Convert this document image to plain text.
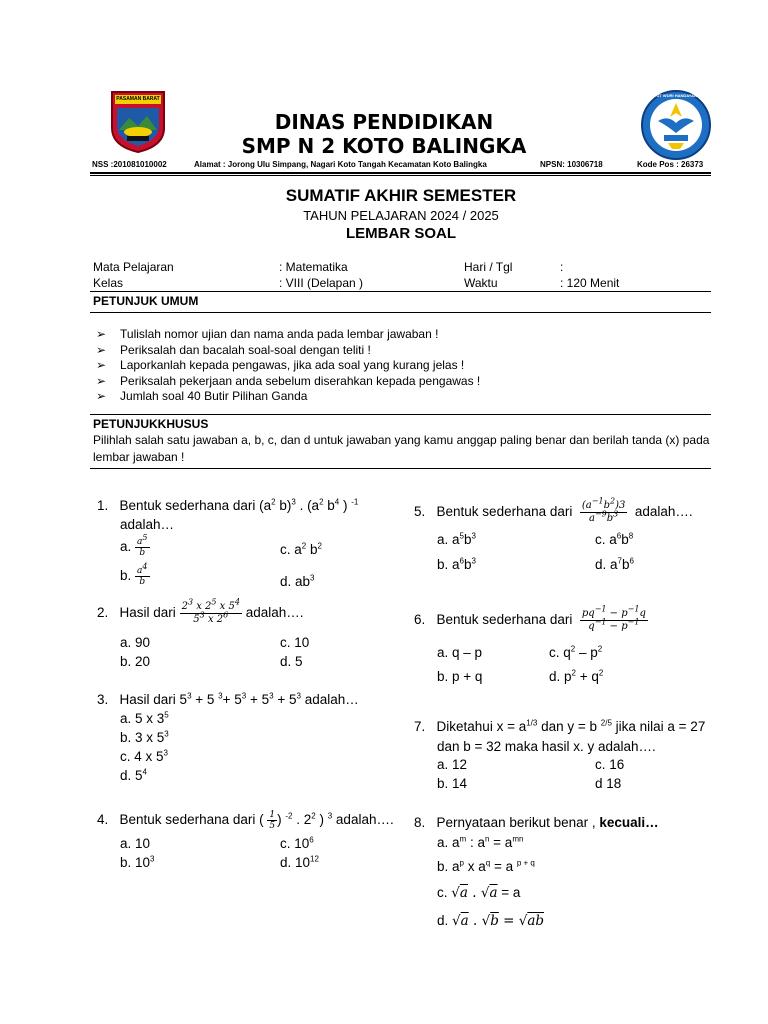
PASAMAN BARAT
TUT WURI HANDAYANI
DINAS PENDIDIKAN
SMP N 2 KOTO BALINGKA
NSS :201081010002	Alamat : Jorong Ulu Simpang, Nagari Koto Tangah Kecamatan Koto Balingka	NPSN: 10306718	Kode Pos : 26373
SUMATIF AKHIR SEMESTER
TAHUN PELAJARAN 2024 / 2025
LEMBAR SOAL
Mata Pelajaran	: Matematika	Hari / Tgl	:
Kelas	: VIII (Delapan )	Waktu	: 120 Menit
PETUNJUK UMUM
➢ Tulislah nomor ujian dan nama anda pada lembar jawaban !
➢ Periksalah dan bacalah soal-soal dengan teliti !
➢ Laporkanlah kepada pengawas, jika ada soal yang kurang jelas !
➢ Periksalah pekerjaan anda sebelum diserahkan kepada pengawas !
➢ Jumlah soal 40 Butir Pilihan Ganda
PETUNJUKKHUSUS
Pilihlah salah satu jawaban a, b, c, dan d untuk jawaban yang kamu anggap paling benar dan berilah tanda (x) pada
lembar jawaban !
1. Bentuk sederhana dari ($a^2$ b)$^3$ . ($a^2$ $b^4$ ) $^{-1}$
adalah…
a. $\frac{a^5}{b}$	c. $a^2$ $b^2$
b. $\frac{a^4}{b}$	d. $ab^3$
2. Hasil dari $\frac{2^3 x 2^5 x 5^4}{5^3 x 2^6}$ adalah….
a. 90	c. 10
b. 20	d. 5
3. Hasil dari $5^3 + 5$ $^3+ 5^3 + 5^3 + 5^3$ adalah…
a. 5 x $3^5$
b. 3 x $5^3$
c. 4 x $5^3$
d. $5^4$
4. Bentuk sederhana dari ( $\frac{1}{5}$ ) $^{-2}$ . $2^2$ ) $^3$ adalah….
a. 10	c. $10^6$
b. $10^3$	d. $10^{12}$
5. Bentuk sederhana dari $\frac{(a^{-1}b^2)3}{a^{-9}b^3}$ adalah….
a. $a^5b^3$	c. $a^6b^8$
b. $a^6b^3$	d. $a^7b^6$
6. Bentuk sederhana dari $\frac{pq^{-1} - p^{-1}q}{q^{-1} - p^{-1}}$
a. q – p	c. $q^2 - p^2$
b. p + q	d. $p^2 + q^2$
7. Diketahui $x = a^{1/3}$ dan y = b $^{2/5}$ jika nilai a = 27
dan b = 32 maka hasil x. y adalah….
a. 12	c. 16
b. 14	d 18
8. Pernyataan berikut benar , kecuali…
a. $a^m$ : $a^n = a^{mn}$
b. $a^p$ x $a^q = a$ $^{p + q}$
c. √a . √a = a
d. √a . √b = √ab
